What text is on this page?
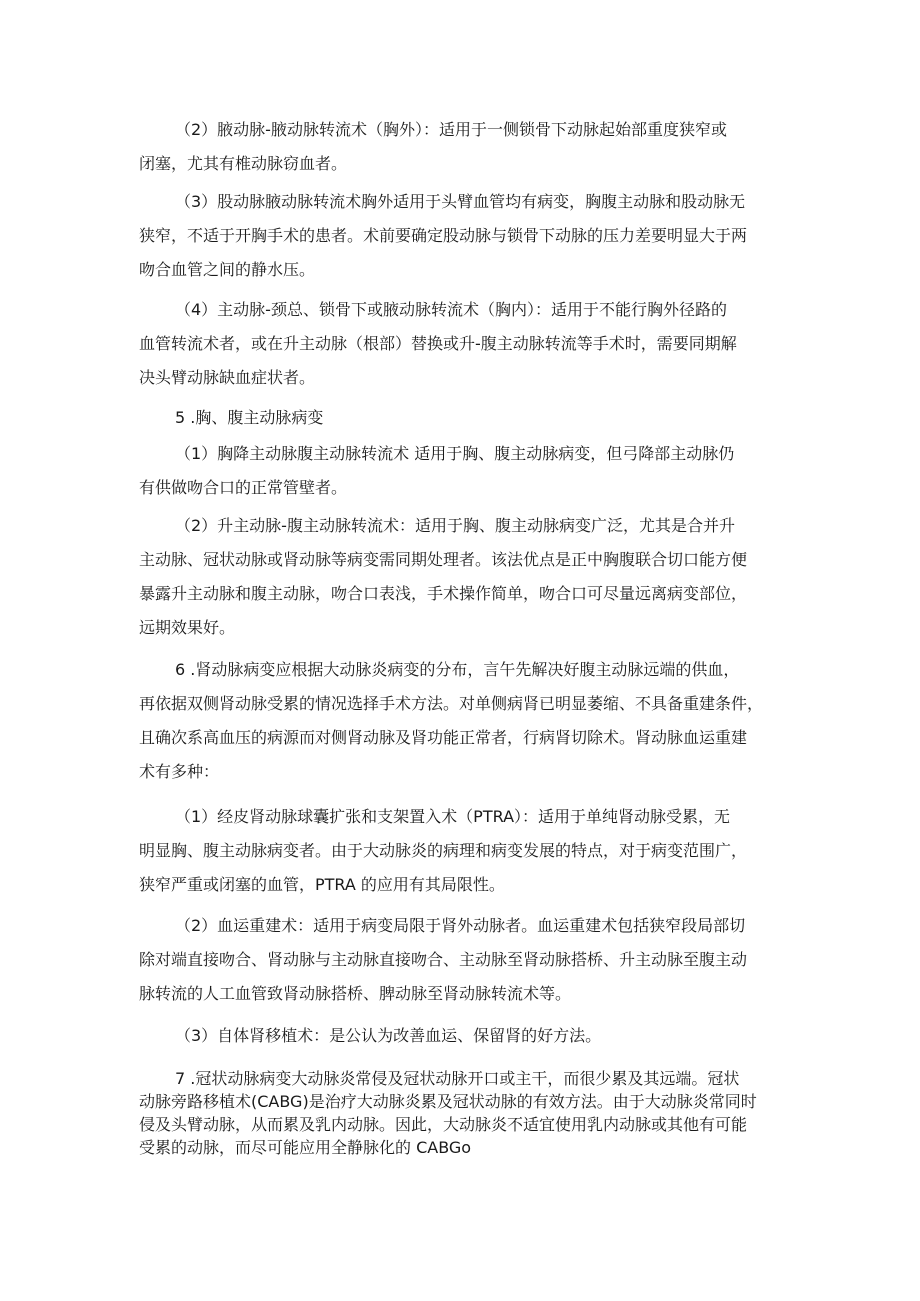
（2）腋动脉-腋动脉转流术（胸外）：适用于一侧锁骨下动脉起始部重度狭窄或
闭塞，尤其有椎动脉窃血者。
（3）股动脉腋动脉转流术胸外适用于头臂血管均有病变，胸腹主动脉和股动脉无
狭窄，不适于开胸手术的患者。术前要确定股动脉与锁骨下动脉的压力差要明显大于两
吻合血管之间的静水压。
（4）主动脉-颈总、锁骨下或腋动脉转流术（胸内）：适用于不能行胸外径路的
血管转流术者，或在升主动脉（根部）替换或升-腹主动脉转流等手术时，需要同期解
决头臂动脉缺血症状者。
5 .胸、腹主动脉病变
（1）胸降主动脉腹主动脉转流术 适用于胸、腹主动脉病变，但弓降部主动脉仍
有供做吻合口的正常管壁者。
（2）升主动脉-腹主动脉转流术：适用于胸、腹主动脉病变广泛，尤其是合并升
主动脉、冠状动脉或肾动脉等病变需同期处理者。该法优点是正中胸腹联合切口能方便
暴露升主动脉和腹主动脉，吻合口表浅，手术操作简单，吻合口可尽量远离病变部位，
远期效果好。
6 .肾动脉病变应根据大动脉炎病变的分布，言午先解决好腹主动脉远端的供血，
再依据双侧肾动脉受累的情况选择手术方法。对单侧病肾已明显萎缩、不具备重建条件，
且确次系高血压的病源而对侧肾动脉及肾功能正常者，行病肾切除术。肾动脉血运重建
术有多种：
（1）经皮肾动脉球囊扩张和支架置入术（PTRA）：适用于单纯肾动脉受累，无
明显胸、腹主动脉病变者。由于大动脉炎的病理和病变发展的特点，对于病变范围广，
狭窄严重或闭塞的血管，PTRA 的应用有其局限性。
（2）血运重建术：适用于病变局限于肾外动脉者。血运重建术包括狭窄段局部切
除对端直接吻合、肾动脉与主动脉直接吻合、主动脉至肾动脉搭桥、升主动脉至腹主动
脉转流的人工血管致肾动脉搭桥、脾动脉至肾动脉转流术等。
（3）自体肾移植术：是公认为改善血运、保留肾的好方法。
7 .冠状动脉病变大动脉炎常侵及冠状动脉开口或主干，而很少累及其远端。冠状
动脉旁路移植术(CABG)是治疗大动脉炎累及冠状动脉的有效方法。由于大动脉炎常同时
侵及头臂动脉，从而累及乳内动脉。因此，大动脉炎不适宜使用乳内动脉或其他有可能
受累的动脉，而尽可能应用全静脉化的 CABGo
